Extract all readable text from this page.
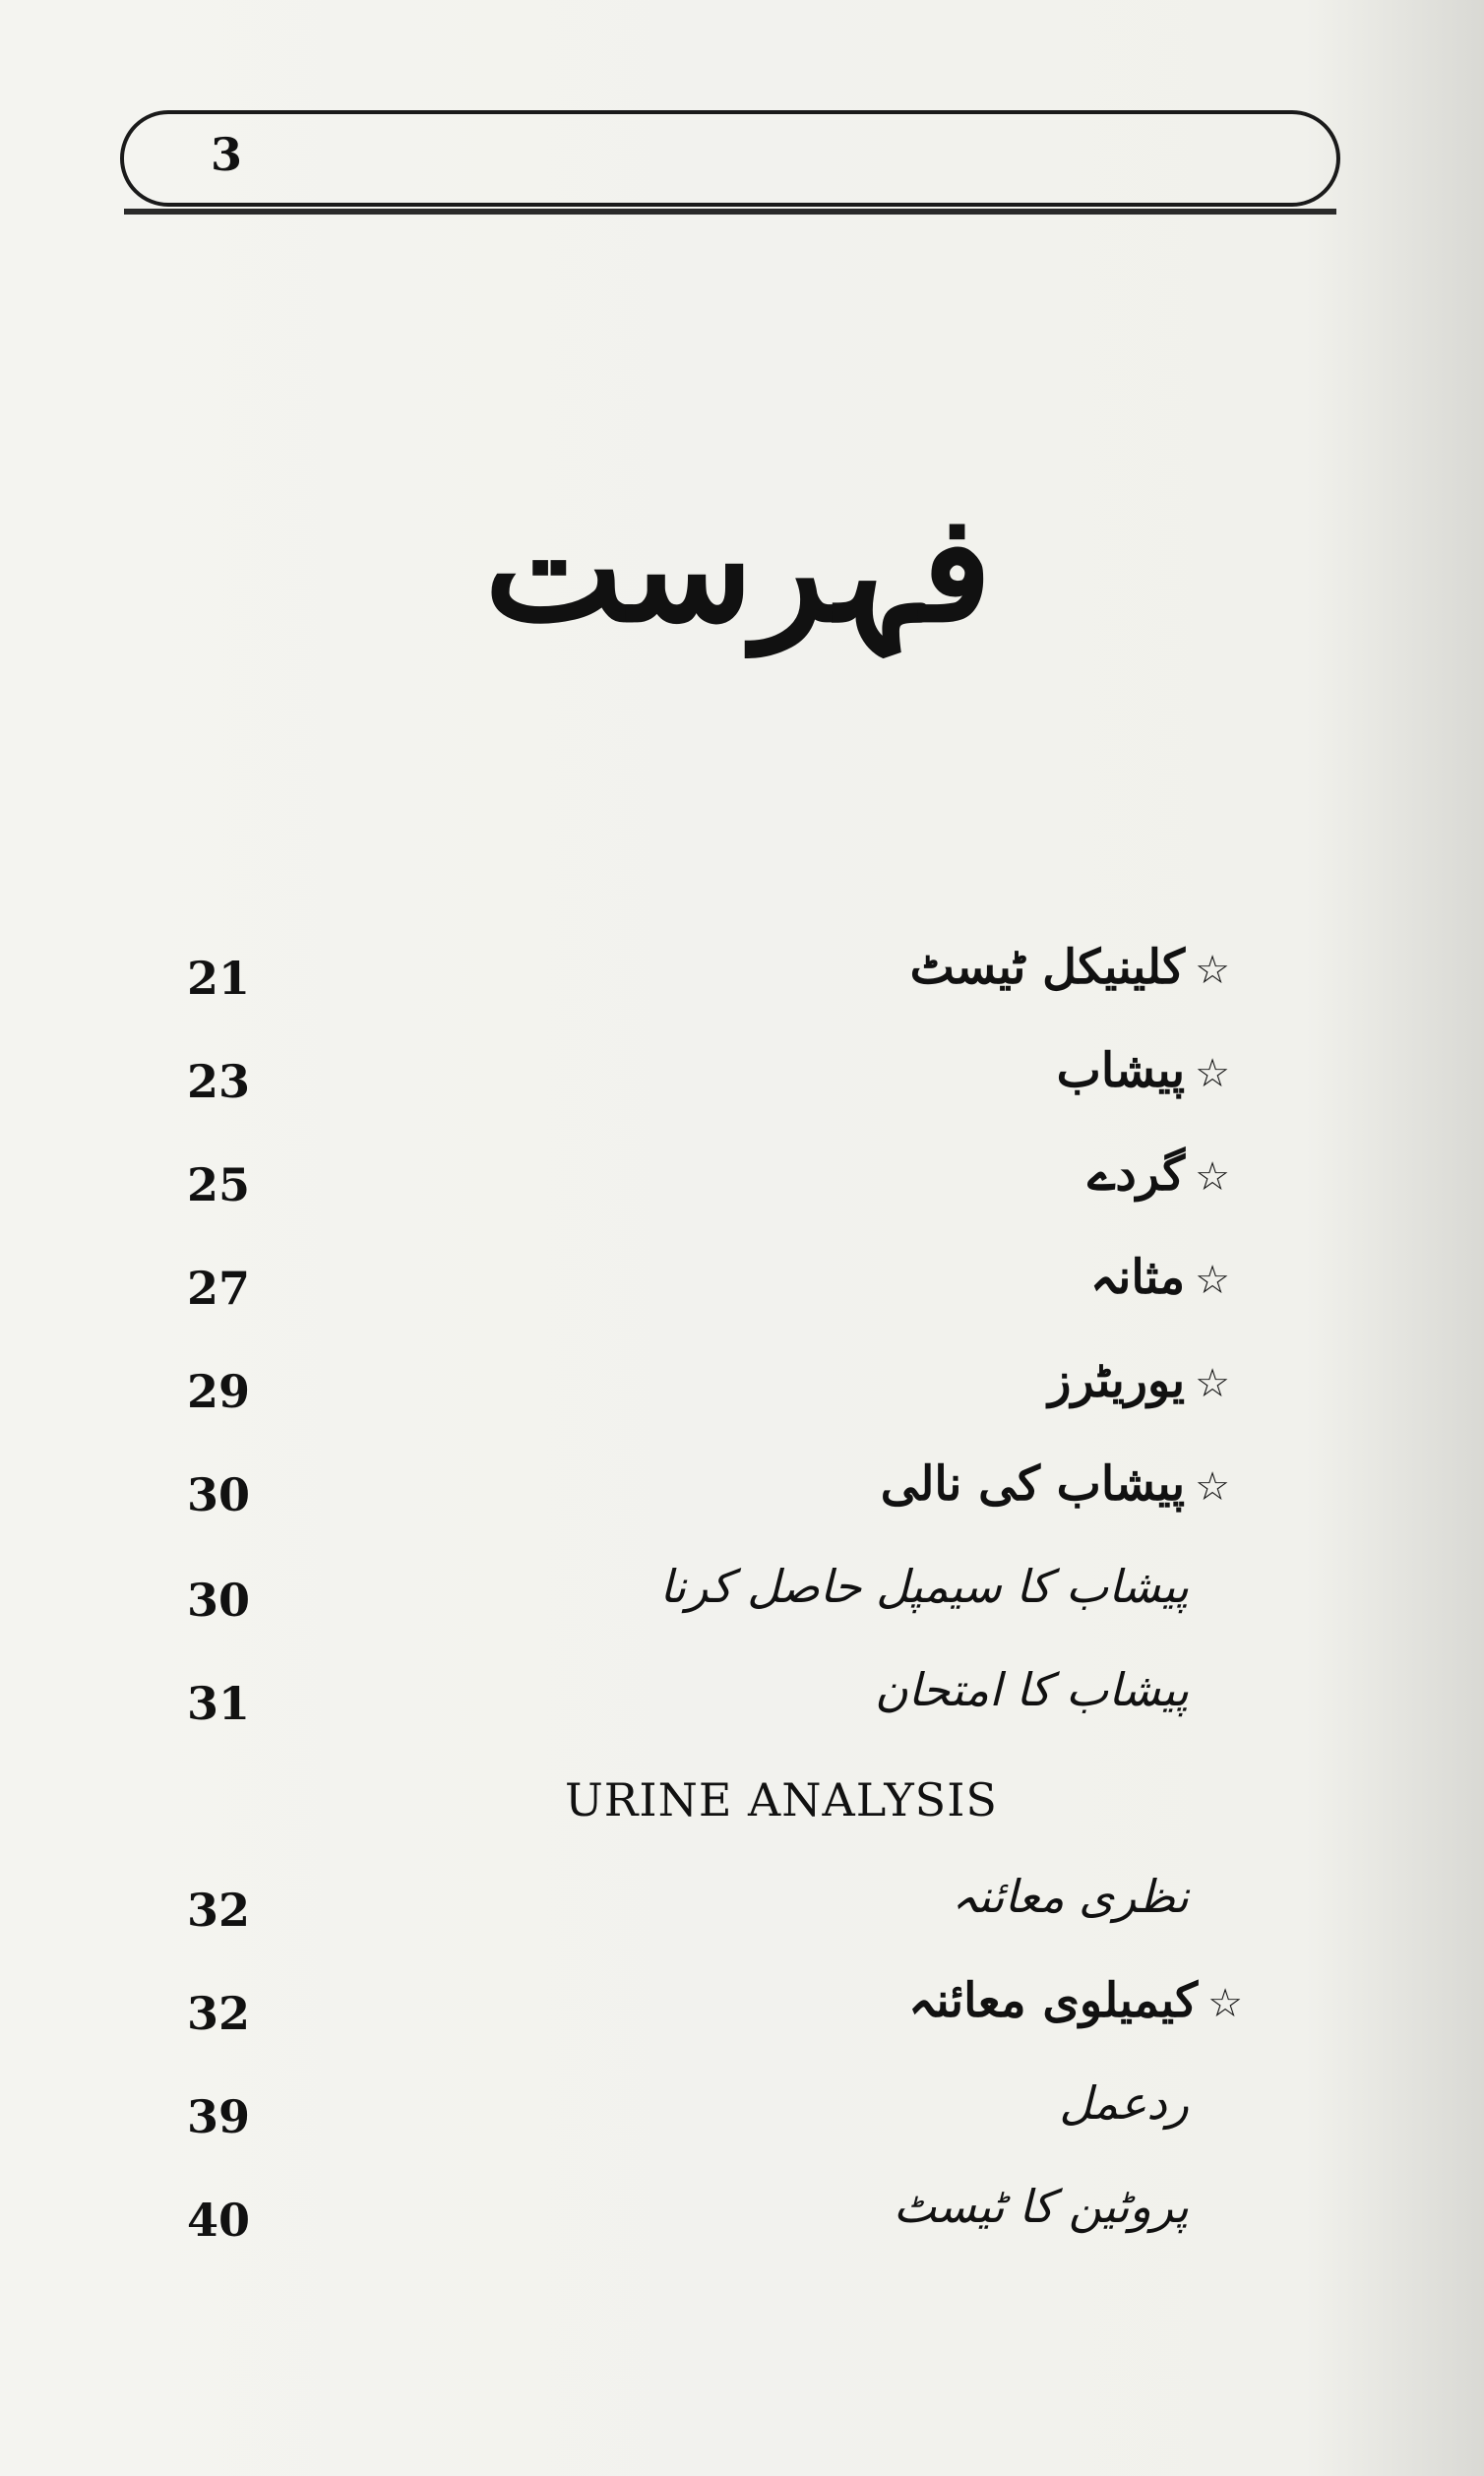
3
فہرست
21	☆کلینیکل ٹیسٹ
23	☆پیشاب
25	☆گردے
27	☆مثانہ
29	☆یوریٹرز
30	☆پیشاب کی نالی
30	پیشاب کا سیمپل حاصل کرنا
31	پیشاب کا امتحان
URINE ANALYSIS
32	نظری معائنہ
32	☆کیمیلوی معائنہ
39	ردعمل
40	پروٹین کا ٹیسٹ
